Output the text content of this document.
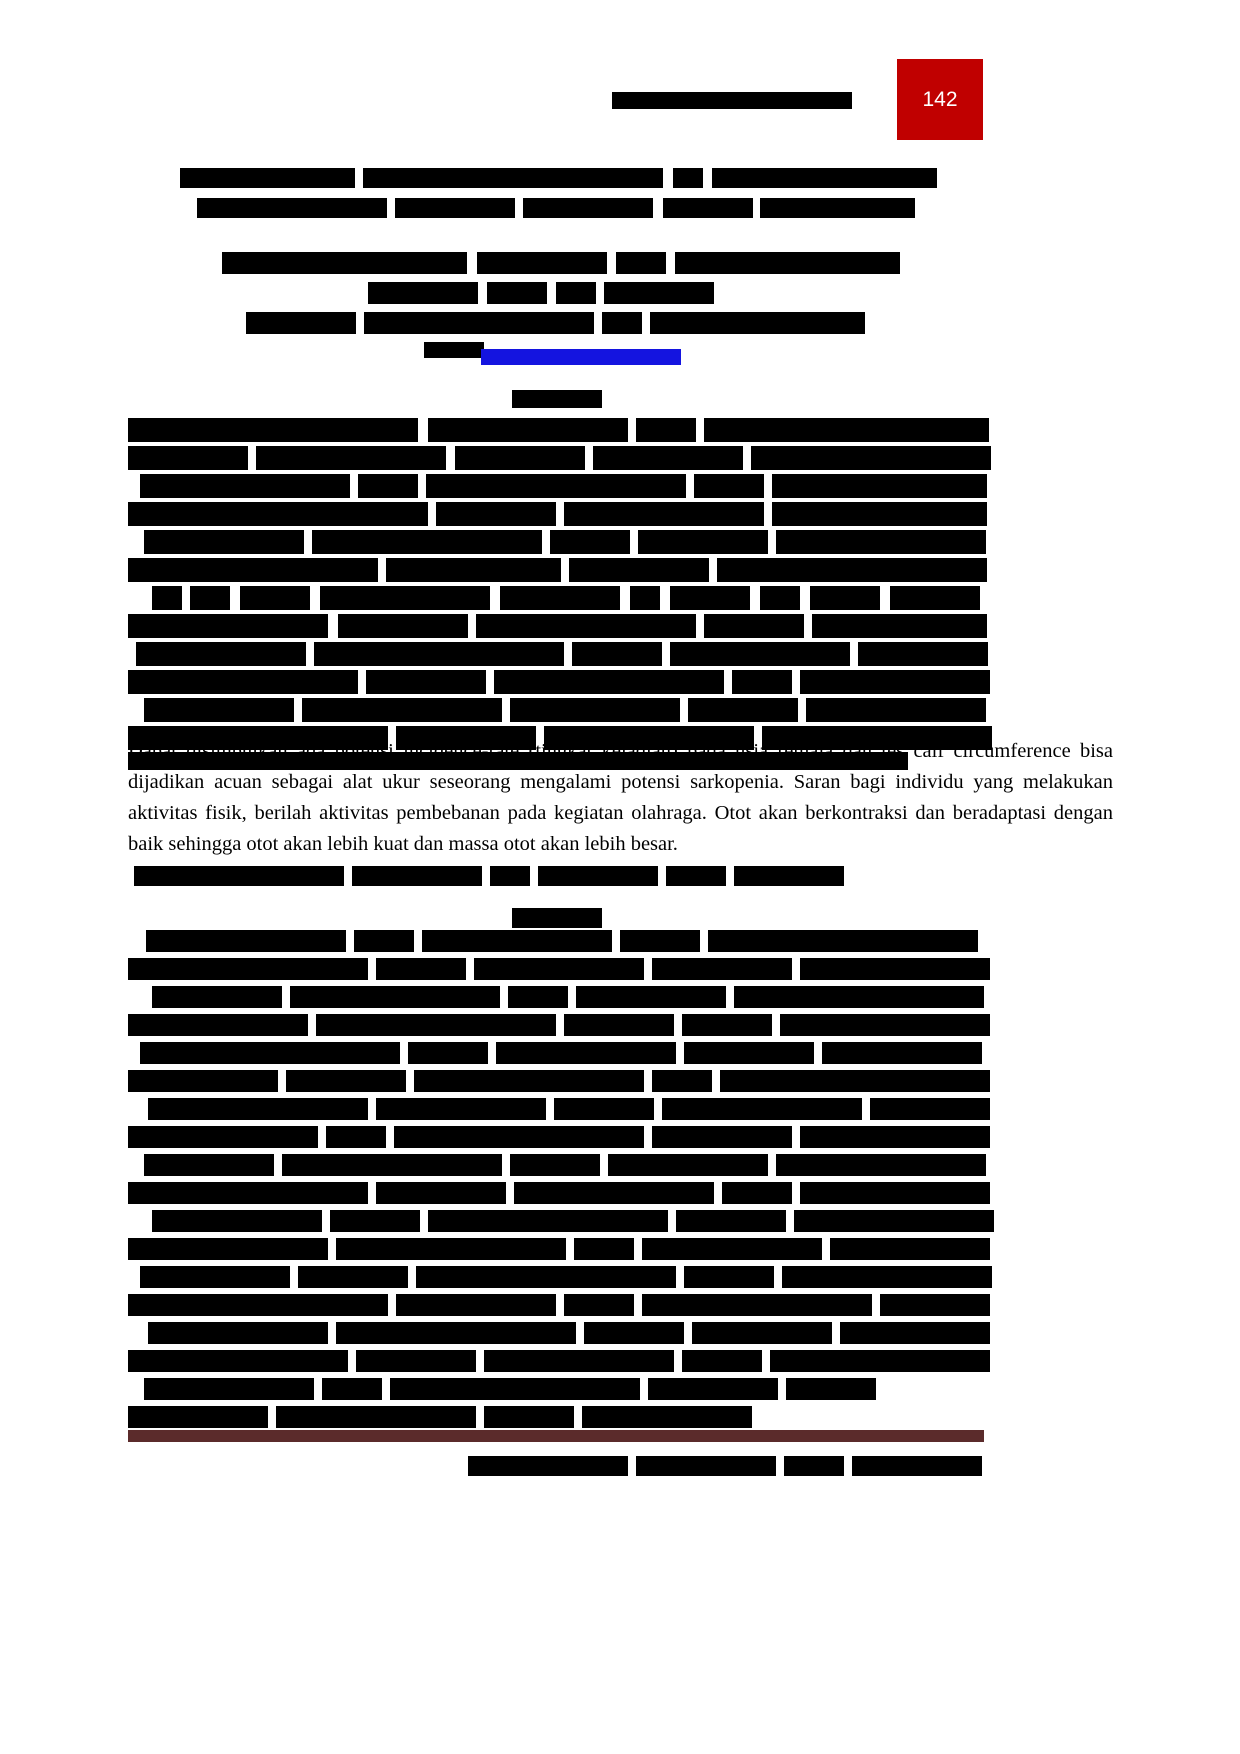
142
Dapat disimpulkan ada potensi incidence-rate (tingkat kejadian) pada usia remaja dan tes calf circumference bisa dijadikan acuan sebagai alat ukur seseorang mengalami potensi sarkopenia. Saran bagi individu yang melakukan aktivitas fisik, berilah aktivitas pembebanan pada kegiatan olahraga. Otot akan berkontraksi dan beradaptasi dengan baik sehingga otot akan lebih kuat dan massa otot akan lebih besar.
